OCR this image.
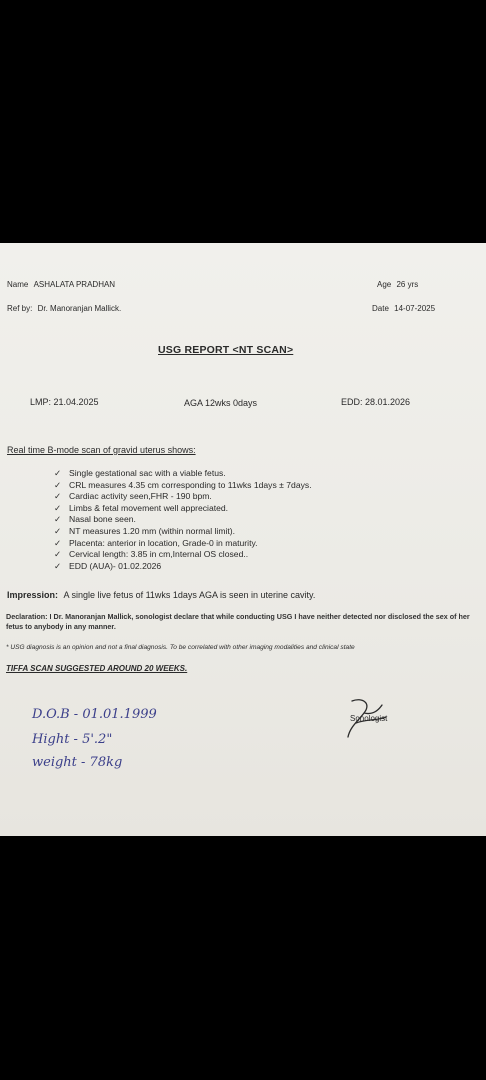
Name ASHALATA PRADHAN	Age 26 yrs
Ref by: Dr. Manoranjan Mallick.	Date 14-07-2025
USG REPORT <NT SCAN>
LMP: 21.04.2025	AGA 12wks 0days	EDD: 28.01.2026
Real time B-mode scan of gravid uterus shows:
✓ Single gestational sac with a viable fetus.
✓ CRL measures 4.35 cm corresponding to 11wks 1days ± 7days.
✓ Cardiac activity seen,FHR - 190 bpm.
✓ Limbs & fetal movement well appreciated.
✓ Nasal bone seen.
✓ NT measures 1.20 mm (within normal limit).
✓ Placenta: anterior in location, Grade-0 in maturity.
✓ Cervical length: 3.85 in cm,Internal OS closed..
✓ EDD (AUA)- 01.02.2026
Impression: A single live fetus of 11wks 1days AGA is seen in uterine cavity.
Declaration: I Dr. Manoranjan Mallick, sonologist declare that while conducting USG I have neither detected nor disclosed the sex of her fetus to anybody in any manner.
* USG diagnosis is an opinion and not a final diagnosis. To be correlated with other imaging modalities and clinical state
TIFFA SCAN SUGGESTED AROUND 20 WEEKS.
D.O.B - 01.01.1999
Hight - 5'.2"
weight - 78kg
Sonologist
